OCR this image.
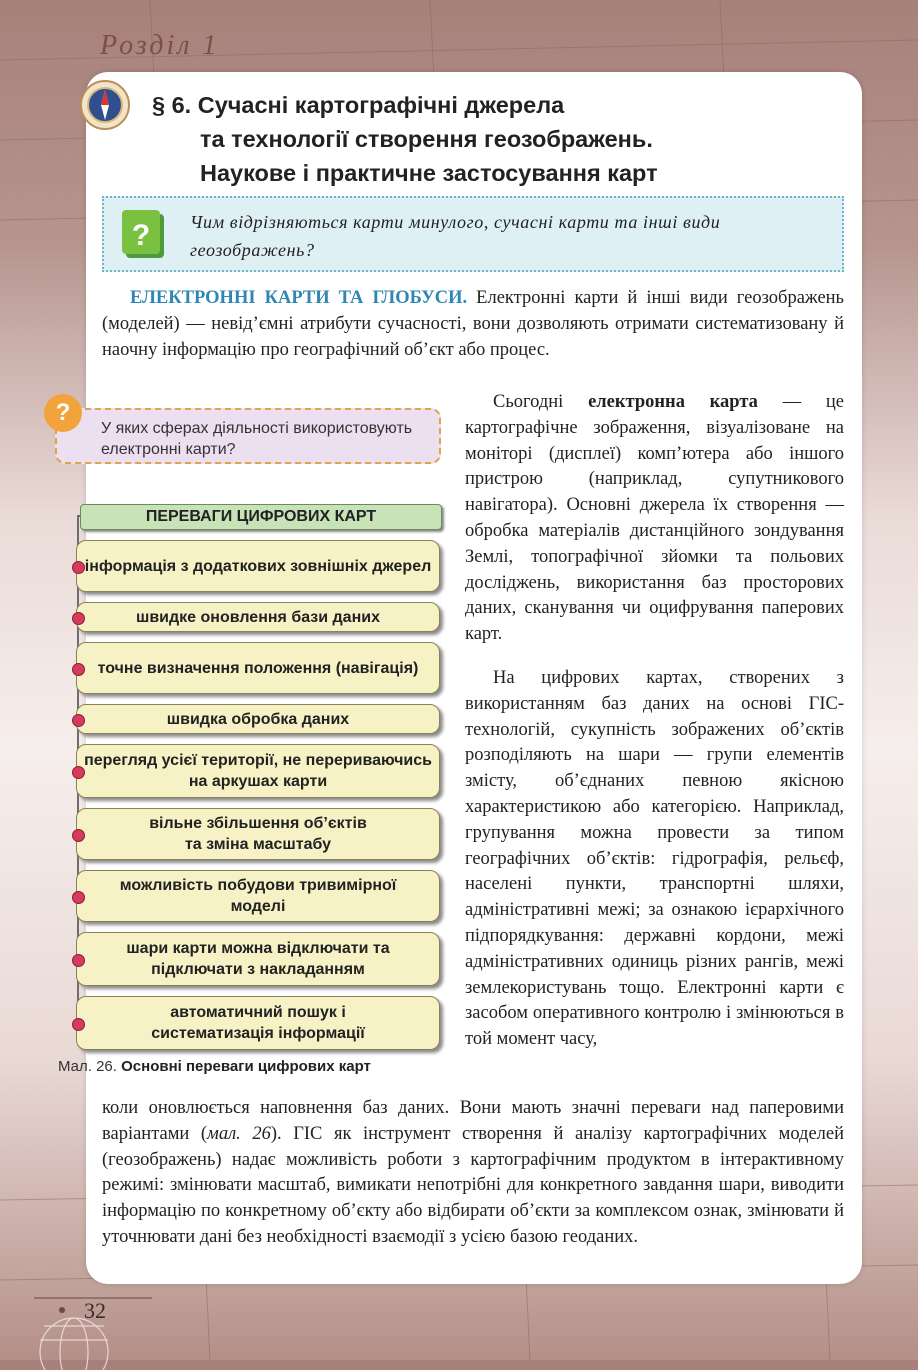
Розділ 1
§ 6. Сучасні картографічні джерела
та технології створення геозображень.
Наукове і практичне застосування карт
? Чим відрізняються карти минулого, сучасні карти та інші види геозображень?
ЕЛЕКТРОННІ КАРТИ ТА ГЛОБУСИ. Електронні карти й інші види геозображень (моделей) — невід’ємні атрибути сучасності, вони дозволяють отримати систематизовану й наочну інформацію про географічний об’єкт або процес.
У яких сферах діяльності використовують електронні карти?
?	Сьогодні електронна карта — це картографічне зображення, візуалізоване на моніторі (дисплеї) комп’ютера або іншого пристрою (наприклад, супутникового навігатора). Основні джерела їх створення — обробка матеріалів дистанційного зондування Землі, топографічної зйомки та польових досліджень, використання баз просторових даних, сканування чи оцифрування паперових карт.
На цифрових картах, створених з використанням баз даних на основі ГІС-технологій, сукупність зображених об’єктів розподіляють на шари — групи елементів змісту, об’єднаних певною якісною характеристикою або категорією. Наприклад, групування можна провести за типом географічних об’єктів: гідрографія, рельєф, населені пункти, транспортні шляхи, адміністративні межі; за ознакою ієрархічного підпорядкування: державні кордони, межі адміністративних одиниць різних рангів, межі землекористувань тощо. Електронні карти є засобом оперативного контролю і змінюються в той момент часу,
ПЕРЕВАГИ ЦИФРОВИХ КАРТ
інформація з додаткових зовнішніх джерел
швидке оновлення бази даних
точне визначення положення (навігація)
швидка обробка даних
перегляд усієї території, не перериваючись на аркушах карти
вільне збільшення об’єктів та зміна масштабу
можливість побудови тривимірної моделі
шари карти можна відключати та підключати з накладанням
автоматичний пошук і систематизація інформації
Мал. 26. Основні переваги цифрових карт
коли оновлюється наповнення баз даних. Вони мають значні переваги над паперовими варіантами (мал. 26). ГІС як інструмент створення й аналізу картографічних моделей (геозображень) надає можливість роботи з картографічним продуктом в інтерактивному режимі: змінювати масштаб, вимикати непотрібні для конкретного завдання шари, виводити інформацію по конкретному об’єкту або відбирати об’єкти за комплексом ознак, змінювати й уточнювати дані без необхідності взаємодії з усією базою геоданих.
32
